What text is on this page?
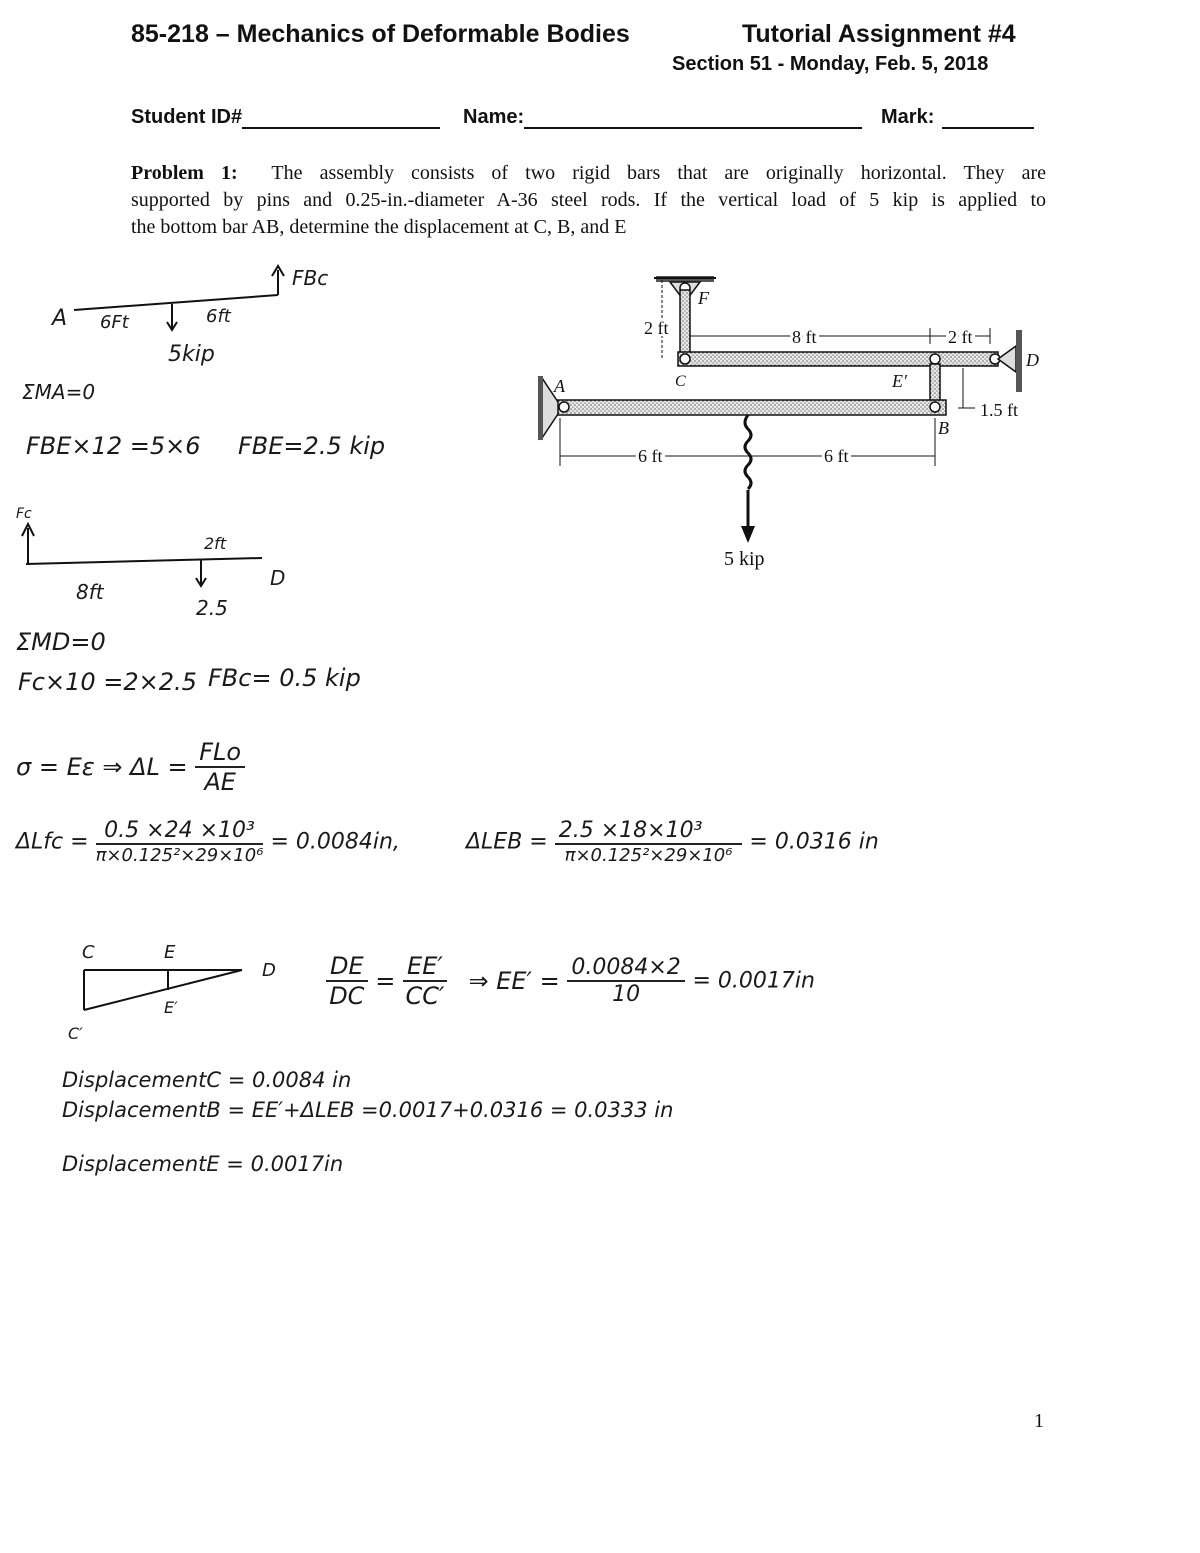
85-218 – Mechanics of Deformable Bodies	Tutorial Assignment #4
Section 51 - Monday, Feb. 5, 2018
Student ID#	Name:	Mark:
Problem 1: The assembly consists of two rigid bars that are originally horizontal. They are
supported by pins and 0.25-in.-diameter A-36 steel rods. If the vertical load of 5 kip is applied to
the bottom bar AB, determine the displacement at C, B, and E
F
2 ft	8 ft	2 ft
D
C	E′
A
1.5 ft
B
6 ft	6 ft
5 kip
FBc
A 6Ft	6ft
5kip
ΣMA=0
FBE×12 =5×6 FBE=2.5 kip
Fc
2ft
D
8ft
2.5
ΣMD=0
Fc×10 =2×2.5 FBc= 0.5 kip
σ = Eε ⇒ $\Delta L = \frac{\text{FLo}}{AE}$
$\Delta Lfc = \frac{\text{0.5 ×24 ×10³}}{\text{π×0.125²×29×10⁶}} = 0.0084in$,	$\Delta LEB = \frac{\text{2.5 ×18×10³}}{\text{π×0.125²×29×10⁶}} = 0.0316$ in
C	E
D
E′
C′
$\frac{DE}{DC} = \frac{EE'}{CC'}$ ⇒ $EE' = \frac{0.0084\times 2}{10} = 0.0017in$
DisplacementC = 0.0084 in
DisplacementB = EE′+ΔLEB =0.0017+0.0316 = 0.0333 in
DisplacementE = 0.0017in
1
